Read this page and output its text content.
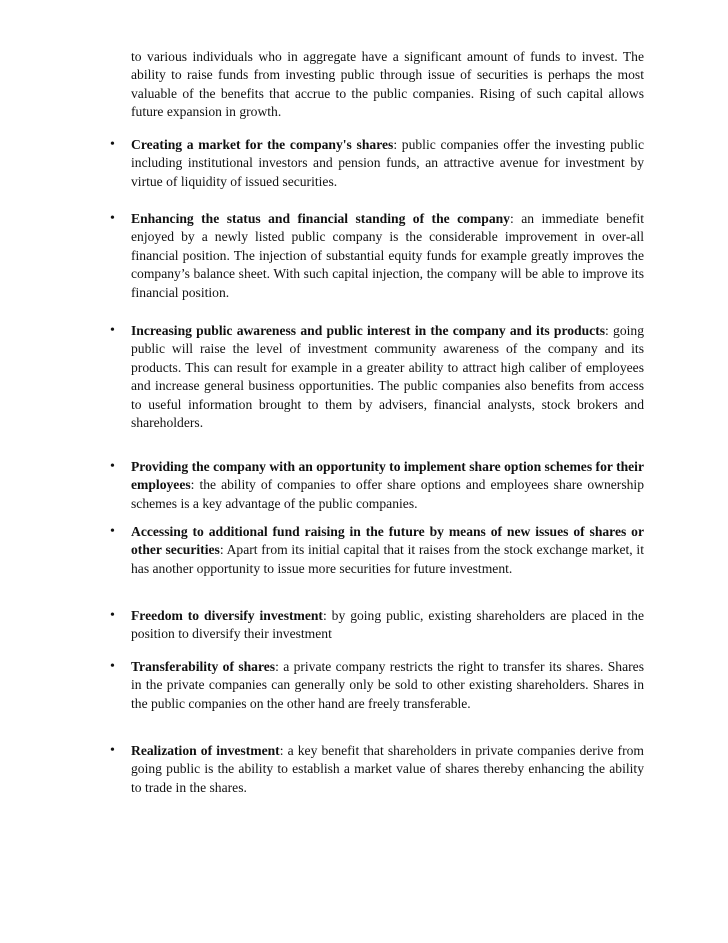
to various individuals who in aggregate have a significant amount of funds to invest. The ability to raise funds from investing public through issue of securities is perhaps the most valuable of the benefits that accrue to the public companies. Rising of such capital allows future expansion in growth.
• Creating a market for the company's shares: public companies offer the investing public including institutional investors and pension funds, an attractive avenue for investment by virtue of liquidity of issued securities.
• Enhancing the status and financial standing of the company: an immediate benefit enjoyed by a newly listed public company is the considerable improvement in over-all financial position. The injection of substantial equity funds for example greatly improves the company’s balance sheet. With such capital injection, the company will be able to improve its financial position.
• Increasing public awareness and public interest in the company and its products: going public will raise the level of investment community awareness of the company and its products. This can result for example in a greater ability to attract high caliber of employees and increase general business opportunities. The public companies also benefits from access to useful information brought to them by advisers, financial analysts, stock brokers and shareholders.
• Providing the company with an opportunity to implement share option schemes for their employees: the ability of companies to offer share options and employees share ownership schemes is a key advantage of the public companies.
• Accessing to additional fund raising in the future by means of new issues of shares or other securities: Apart from its initial capital that it raises from the stock exchange market, it has another opportunity to issue more securities for future investment.
• Freedom to diversify investment: by going public, existing shareholders are placed in the position to diversify their investment
• Transferability of shares: a private company restricts the right to transfer its shares. Shares in the private companies can generally only be sold to other existing shareholders. Shares in the public companies on the other hand are freely transferable.
• Realization of investment: a key benefit that shareholders in private companies derive from going public is the ability to establish a market value of shares thereby enhancing the ability to trade in the shares.
